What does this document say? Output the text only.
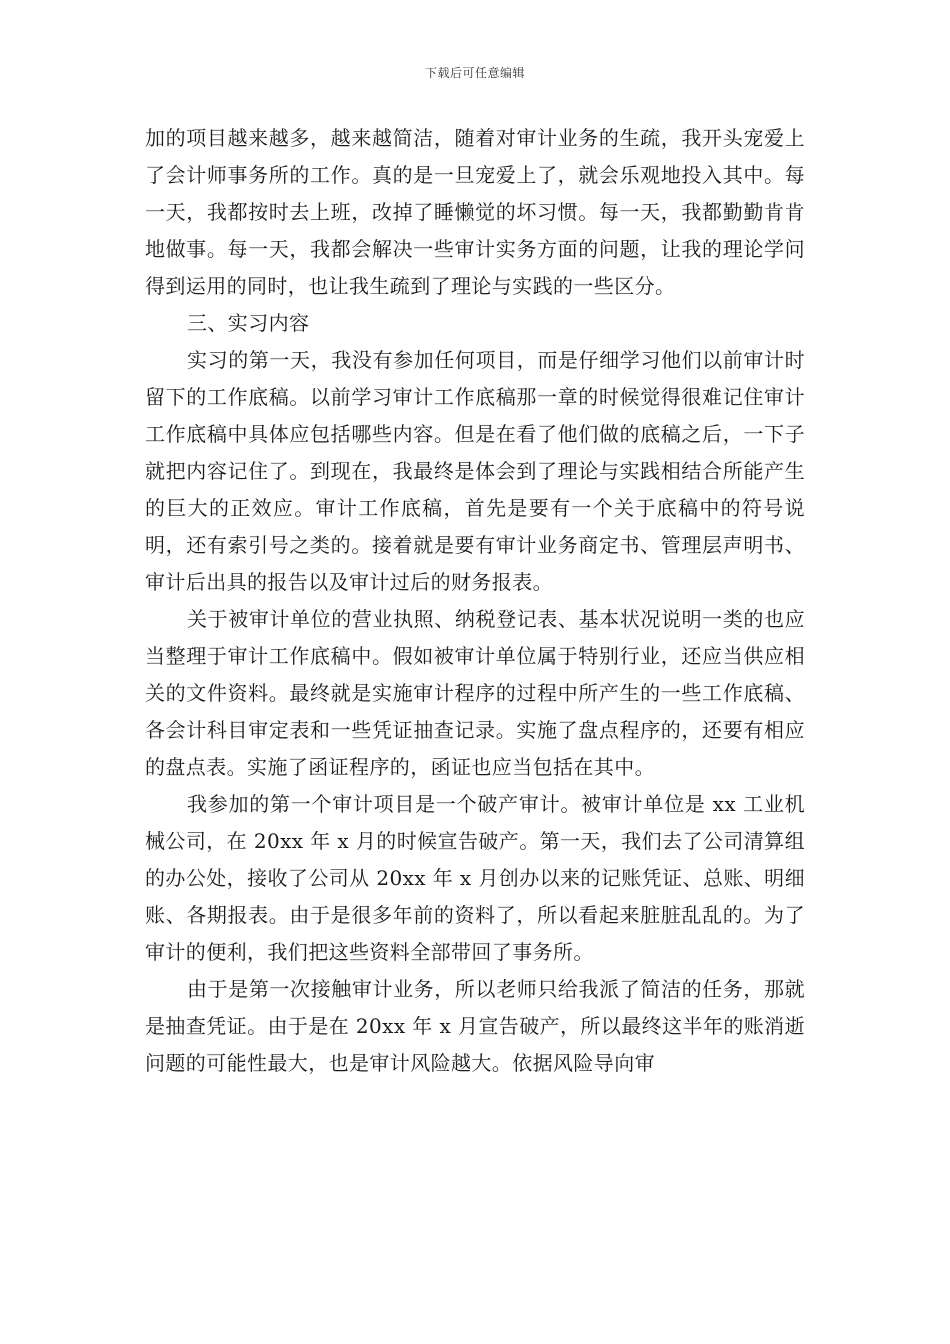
下载后可任意编辑

加的项目越来越多，越来越简洁，随着对审计业务的生疏，我开头宠爱上了会计师事务所的工作。真的是一旦宠爱上了，就会乐观地投入其中。每一天，我都按时去上班，改掉了睡懒觉的坏习惯。每一天，我都勤勤肯肯地做事。每一天，我都会解决一些审计实务方面的问题，让我的理论学问得到运用的同时，也让我生疏到了理论与实践的一些区分。

三、实习内容

实习的第一天，我没有参加任何项目，而是仔细学习他们以前审计时留下的工作底稿。以前学习审计工作底稿那一章的时候觉得很难记住审计工作底稿中具体应包括哪些内容。但是在看了他们做的底稿之后，一下子就把内容记住了。到现在，我最终是体会到了理论与实践相结合所能产生的巨大的正效应。审计工作底稿，首先是要有一个关于底稿中的符号说明，还有索引号之类的。接着就是要有审计业务商定书、管理层声明书、审计后出具的报告以及审计过后的财务报表。

关于被审计单位的营业执照、纳税登记表、基本状况说明一类的也应当整理于审计工作底稿中。假如被审计单位属于特别行业，还应当供应相关的文件资料。最终就是实施审计程序的过程中所产生的一些工作底稿、各会计科目审定表和一些凭证抽查记录。实施了盘点程序的，还要有相应的盘点表。实施了函证程序的，函证也应当包括在其中。

我参加的第一个审计项目是一个破产审计。被审计单位是 xx 工业机械公司，在 20xx 年 x 月的时候宣告破产。第一天，我们去了公司清算组的办公处，接收了公司从 20xx 年 x 月创办以来的记账凭证、总账、明细账、各期报表。由于是很多年前的资料了，所以看起来脏脏乱乱的。为了审计的便利，我们把这些资料全部带回了事务所。

由于是第一次接触审计业务，所以老师只给我派了简洁的任务，那就是抽查凭证。由于是在 20xx 年 x 月宣告破产，所以最终这半年的账消逝问题的可能性最大，也是审计风险越大。依据风险导向审
